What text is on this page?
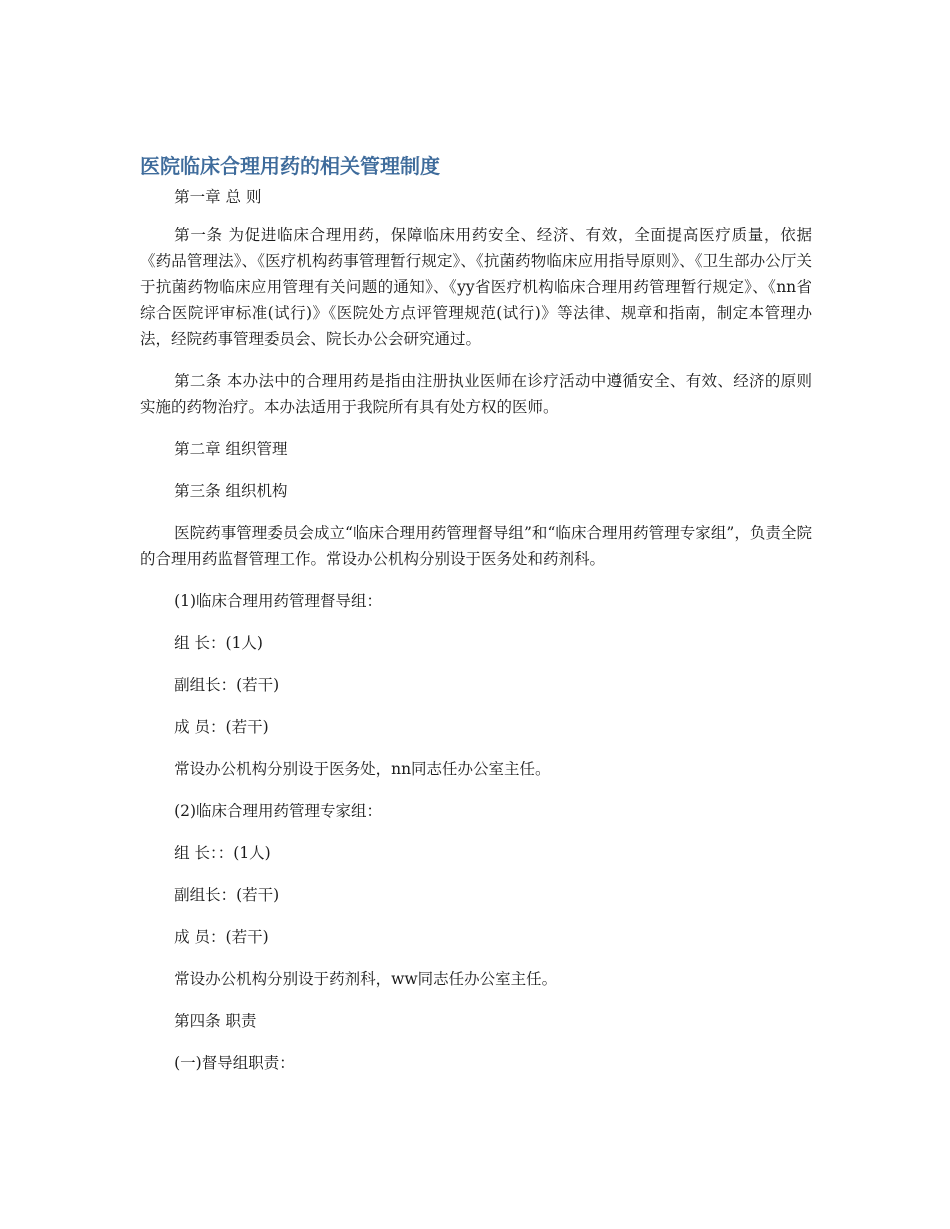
医院临床合理用药的相关管理制度

第一章 总 则

第一条 为促进临床合理用药，保障临床用药安全、经济、有效，全面提高医疗质量，依据《药品管理法》、《医疗机构药事管理暂行规定》、《抗菌药物临床应用指导原则》、《卫生部办公厅关于抗菌药物临床应用管理有关问题的通知》、《yy省医疗机构临床合理用药管理暂行规定》、《nn省综合医院评审标准(试行)》《医院处方点评管理规范(试行)》等法律、规章和指南，制定本管理办法，经院药事管理委员会、院长办公会研究通过。

第二条 本办法中的合理用药是指由注册执业医师在诊疗活动中遵循安全、有效、经济的原则实施的药物治疗。本办法适用于我院所有具有处方权的医师。

第二章 组织管理

第三条 组织机构

医院药事管理委员会成立“临床合理用药管理督导组”和“临床合理用药管理专家组”，负责全院的合理用药监督管理工作。常设办公机构分别设于医务处和药剂科。

(1)临床合理用药管理督导组：

组 长：(1人)

副组长：(若干)

成 员：(若干)

常设办公机构分别设于医务处，nn同志任办公室主任。

(2)临床合理用药管理专家组：

组 长：：(1人)

副组长：(若干)

成 员：(若干)

常设办公机构分别设于药剂科，ww同志任办公室主任。

第四条 职责

(一)督导组职责：
